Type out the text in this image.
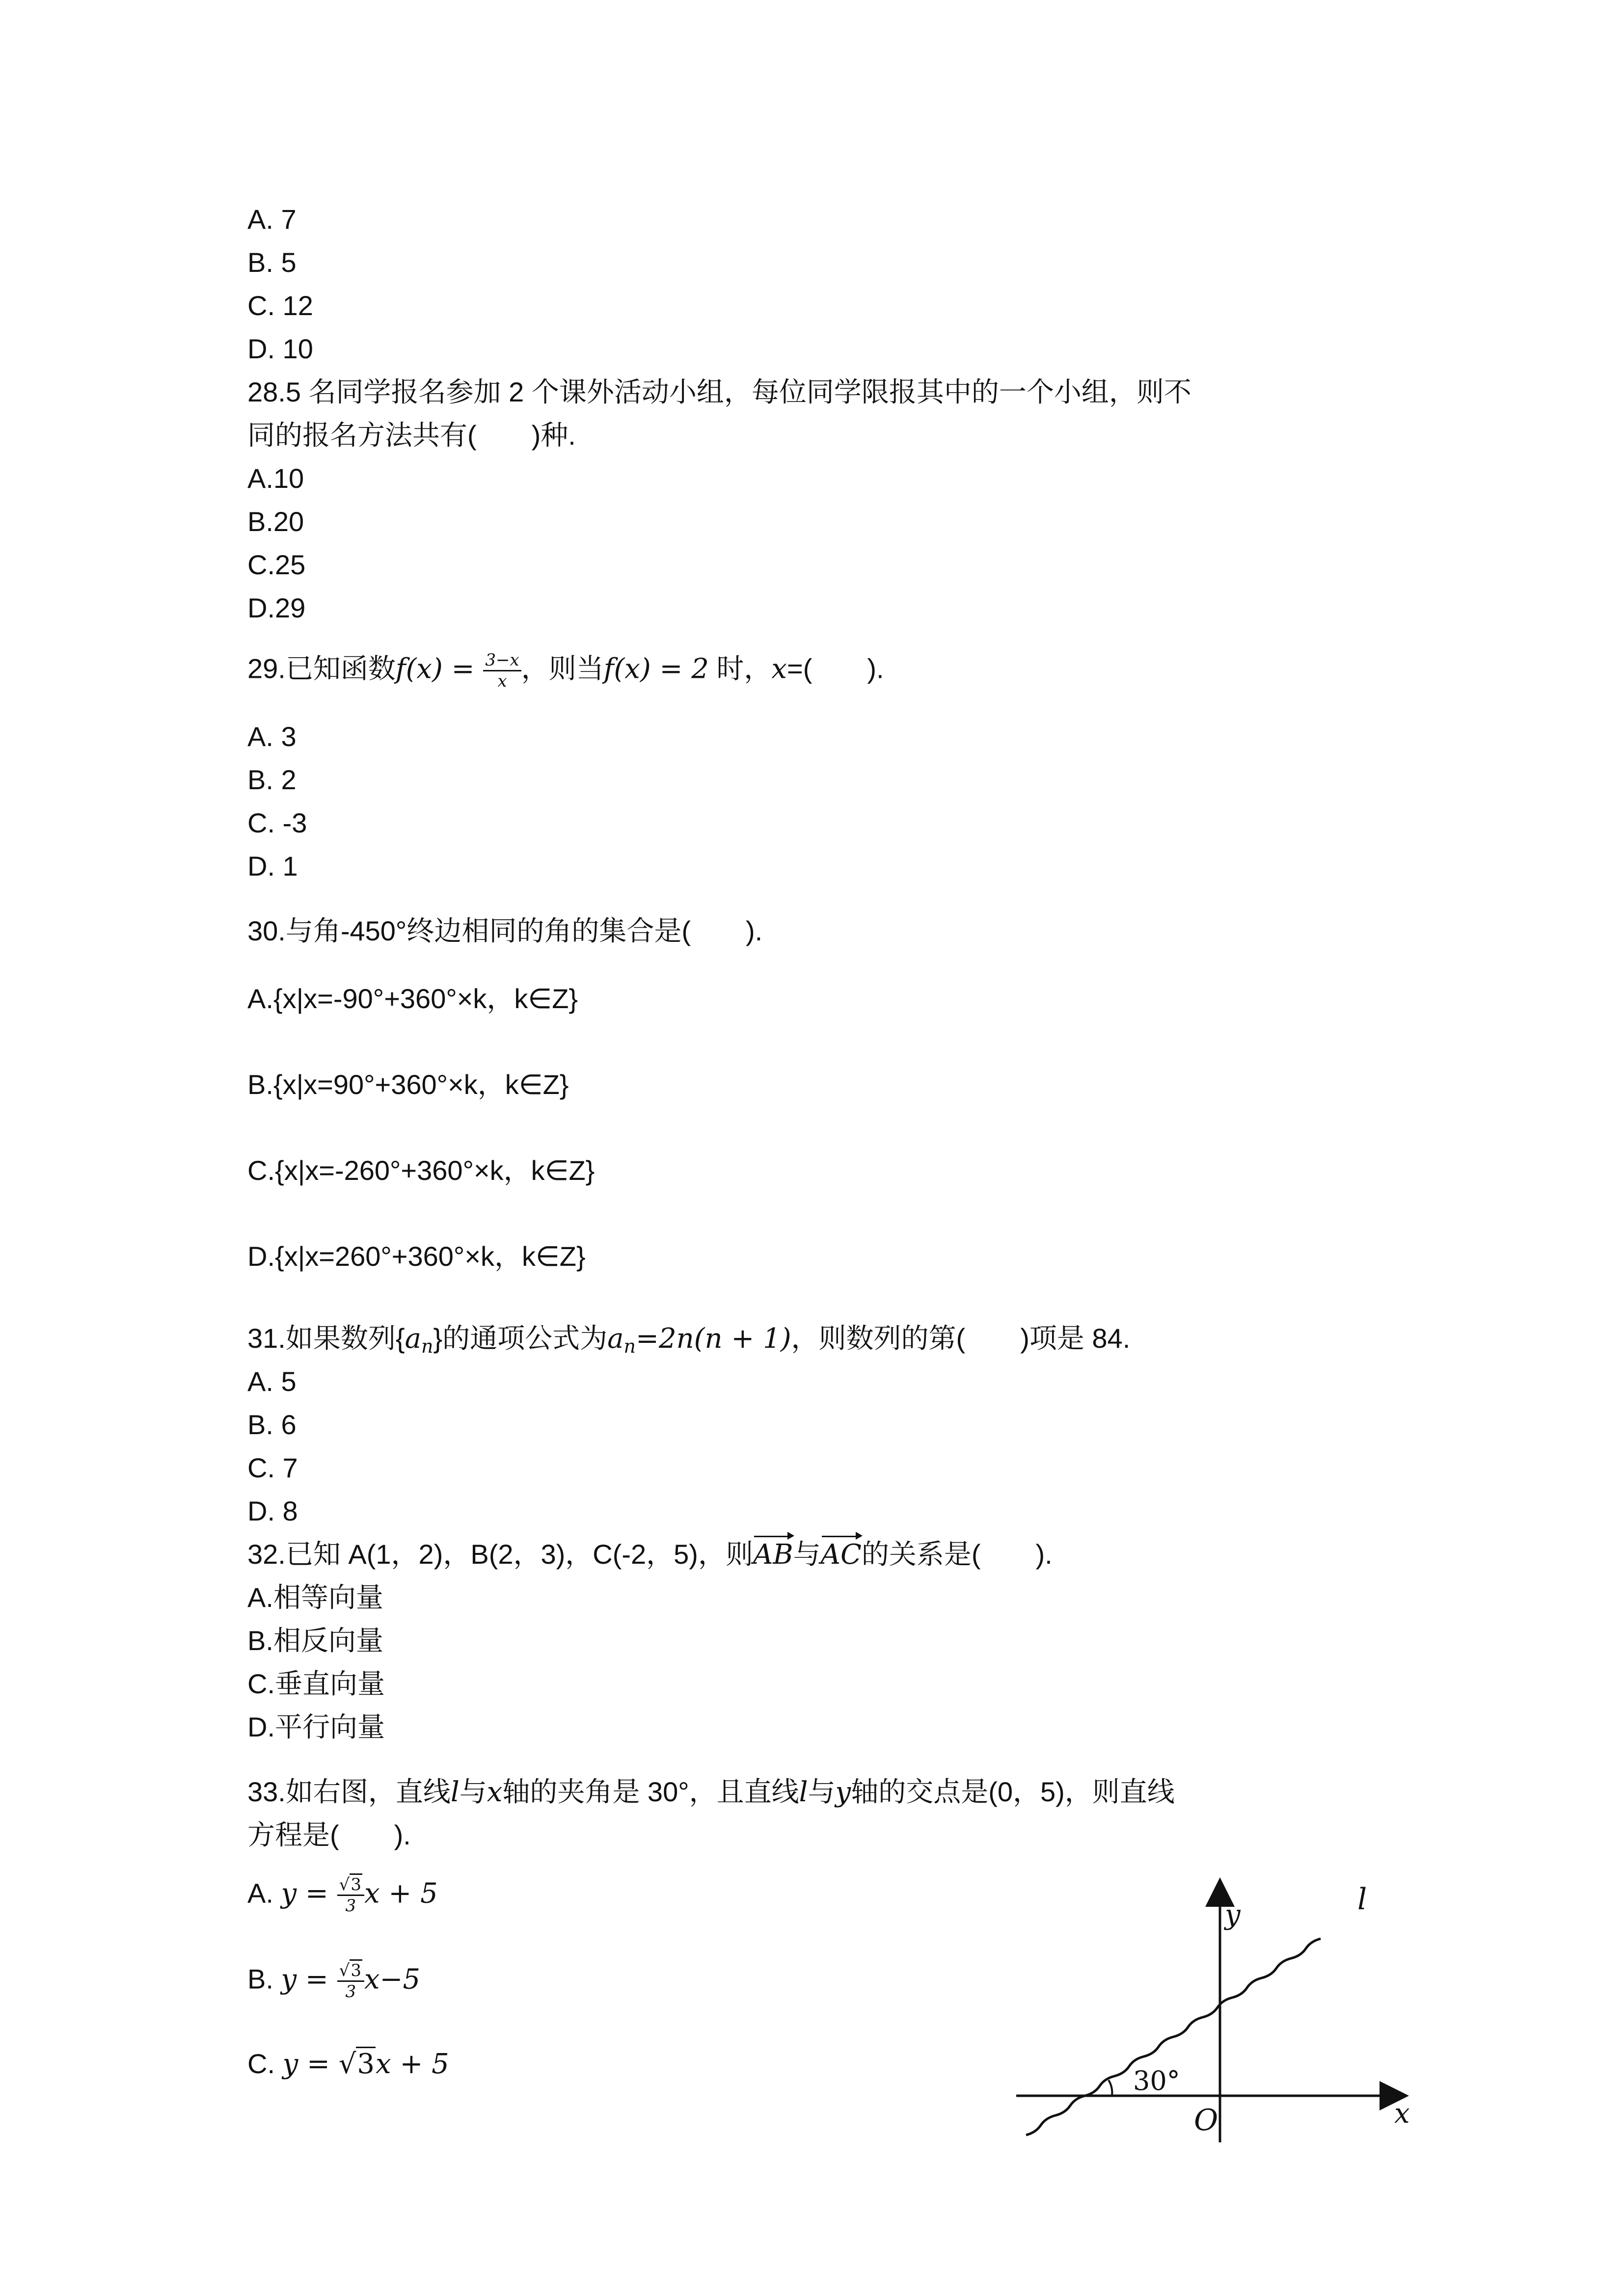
A. 7
B. 5
C. 12
D. 10
28.5 名同学报名参加 2 个课外活动小组，每位同学限报其中的一个小组，则不
同的报名方法共有(　　)种.
A.10
B.20
C.25
D.29
29.已知函数$f(x) = \frac{3-x}{x}$ ，则当f(x) = 2 时，x=(　　).
A. 3
B. 2
C. -3
D. 1
30.与角-450°终边相同的角的集合是(　　).
A.{x|x=-90°+360°×k，k∈Z}
B.{x|x=90°+360°×k，k∈Z}
C.{x|x=-260°+360°×k，k∈Z}
D.{x|x=260°+360°×k，k∈Z}
31.如果数列$\{a_n\}$的通项公式为$a_n=2n(n + 1)$，则数列的第(　　)项是 84.
A. 5
B. 6
C. 7
D. 8
32.已知 A(1，2)，B(2，3)，C(-2，5)，则AB与AC的关系是(　　).
A.相等向量
B.相反向量
C.垂直向量
D.平行向量
33.如右图，直线l与x轴的夹角是 30°，且直线l与y轴的交点是(0，5)，则直线
方程是(　　).
A. $y = \frac{√3}{3}$ x + 5
B. $y = \frac{√3}{3} x-5$
C. y = √3x + 5
y
x
O
l
30°
